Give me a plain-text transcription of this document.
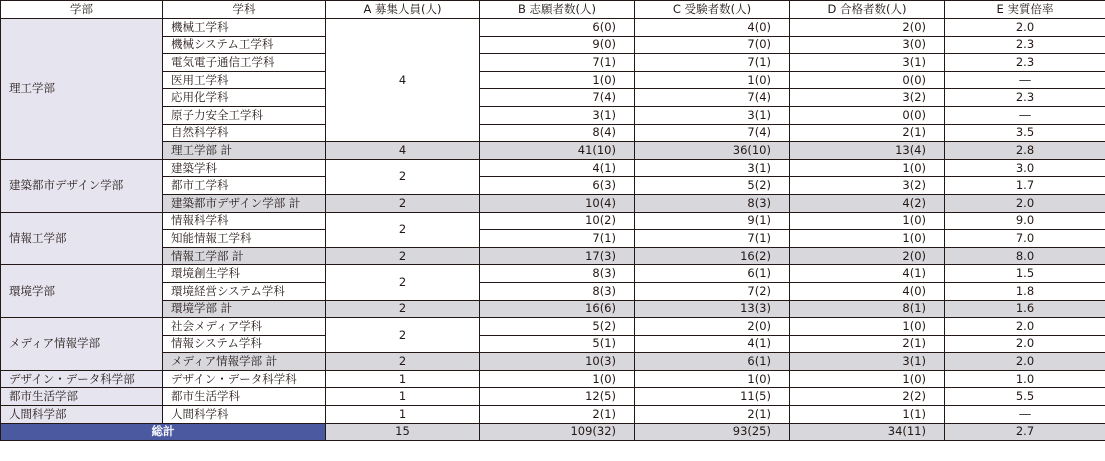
学部	学科	A 募集人員(人)	B 志願者数(人)	C 受験者数(人)	D 合格者数(人)	E 実質倍率
理工学部	機械工学科	4	6(0)	4(0)	2(0)	2.0
	機械システム工学科		9(0)	7(0)	3(0)	2.3
	電気電子通信工学科		7(1)	7(1)	3(1)	2.3
	医用工学科		1(0)	1(0)	0(0)	―
	応用化学科		7(4)	7(4)	3(2)	2.3
	原子力安全工学科		3(1)	3(1)	0(0)	―
	自然科学科		8(4)	7(4)	2(1)	3.5
	理工学部 計	4	41(10)	36(10)	13(4)	2.8
建築都市デザイン学部	建築学科	2	4(1)	3(1)	1(0)	3.0
	都市工学科		6(3)	5(2)	3(2)	1.7
	建築都市デザイン学部 計	2	10(4)	8(3)	4(2)	2.0
情報工学部	情報科学科	2	10(2)	9(1)	1(0)	9.0
	知能情報工学科		7(1)	7(1)	1(0)	7.0
	情報工学部 計	2	17(3)	16(2)	2(0)	8.0
環境学部	環境創生学科	2	8(3)	6(1)	4(1)	1.5
	環境経営システム学科		8(3)	7(2)	4(0)	1.8
	環境学部 計	2	16(6)	13(3)	8(1)	1.6
メディア情報学部	社会メディア学科	2	5(2)	2(0)	1(0)	2.0
	情報システム学科		5(1)	4(1)	2(1)	2.0
	メディア情報学部 計	2	10(3)	6(1)	3(1)	2.0
デザイン・データ科学部	デザイン・データ科学科	1	1(0)	1(0)	1(0)	1.0
都市生活学部	都市生活学科	1	12(5)	11(5)	2(2)	5.5
人間科学部	人間科学科	1	2(1)	2(1)	1(1)	―
総計		15	109(32)	93(25)	34(11)	2.7
